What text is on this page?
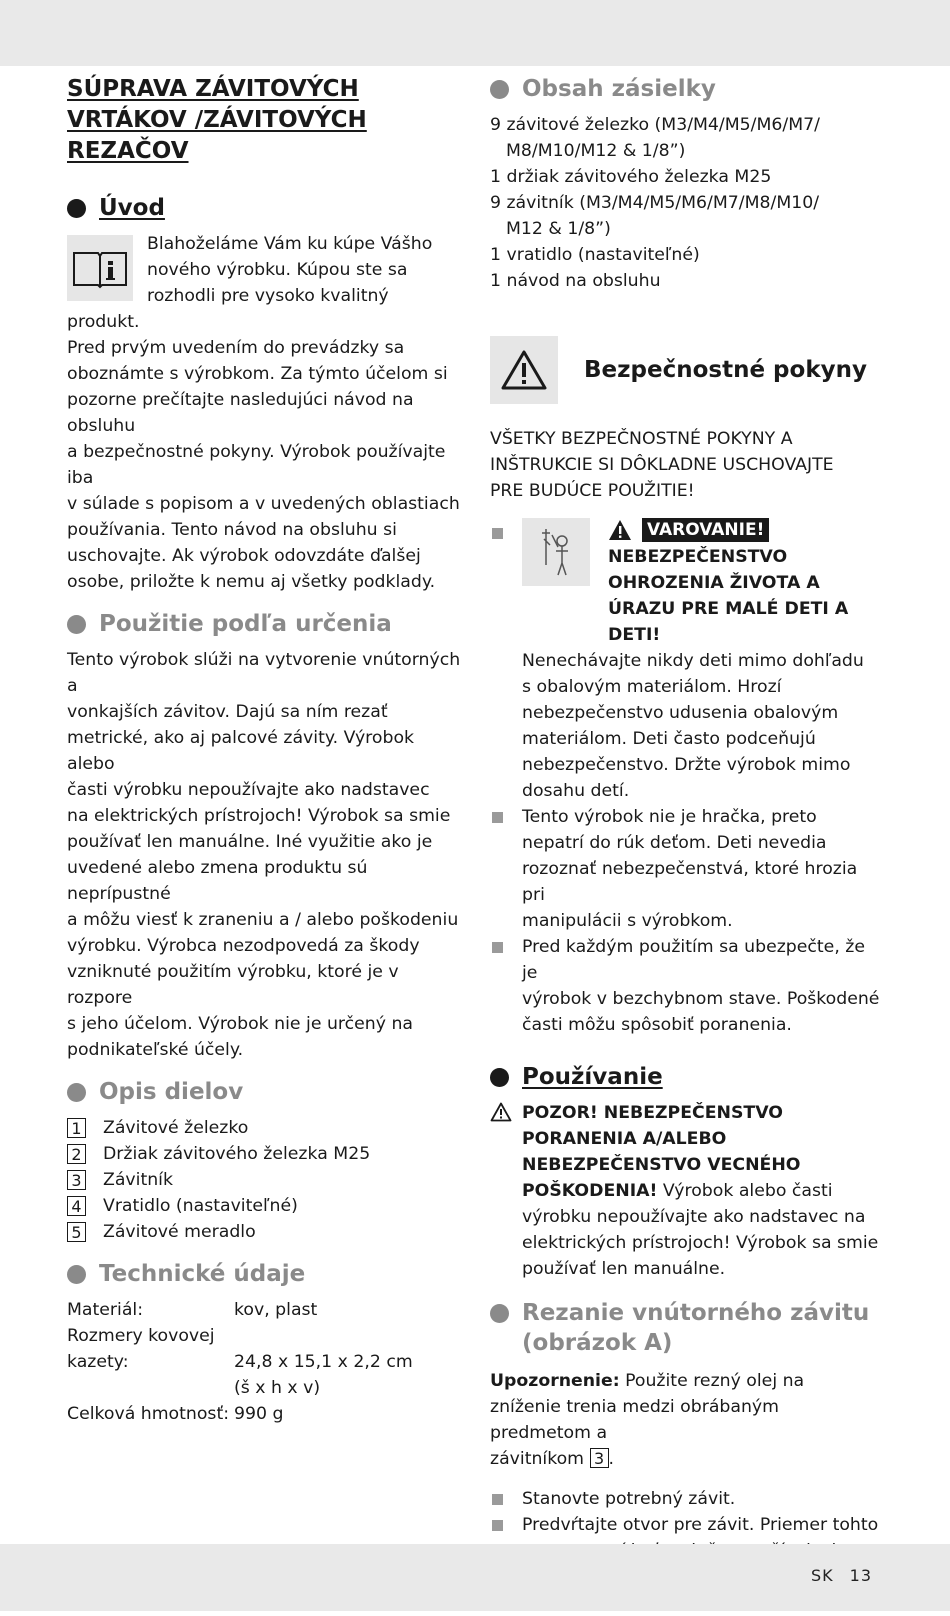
SÚPRAVA ZÁVITOVÝCH
VRTÁKOV /ZÁVITOVÝCH
REZAČOV
Úvod
Blahoželáme Vám ku kúpe Vášho
nového výrobku. Kúpou ste sa
rozhodli pre vysoko kvalitný produkt.
Pred prvým uvedením do prevádzky sa
oboznámte s výrobkom. Za týmto účelom si
pozorne prečítajte nasledujúci návod na obsluhu
a bezpečnostné pokyny. Výrobok používajte iba
v súlade s popisom a v uvedených oblastiach
používania. Tento návod na obsluhu si
uschovajte. Ak výrobok odovzdáte ďalšej
osobe, priložte k nemu aj všetky podklady.
Použitie podľa určenia
Tento výrobok slúži na vytvorenie vnútorných a
vonkajších závitov. Dajú sa ním rezať
metrické, ako aj palcové závity. Výrobok alebo
časti výrobku nepoužívajte ako nadstavec
na elektrických prístrojoch! Výrobok sa smie
používať len manuálne. Iné využitie ako je
uvedené alebo zmena produktu sú neprípustné
a môžu viesť k zraneniu a / alebo poškodeniu
výrobku. Výrobca nezodpovedá za škody
vzniknuté použitím výrobku, ktoré je v rozpore
s jeho účelom. Výrobok nie je určený na
podnikateľské účely.
Opis dielov
1 Závitové železko
2 Držiak závitového železka M25
3 Závitník
4 Vratidlo (nastaviteľné)
5 Závitové meradlo
Technické údaje
Materiál:	kov, plast
Rozmery kovovej	
kazety:	24,8 x 15,1 x 2,2 cm
	(š x h x v)
Celková hmotnosť:	990 g
Obsah zásielky
9 závitové železko (M3/M4/M5/M6/M7/
M8/M10/M12 & 1/8”)
1 držiak závitového železka M25
9 závitník (M3/M4/M5/M6/M7/M8/M10/
M12 & 1/8”)
1 vratidlo (nastaviteľné)
1 návod na obsluhu
Bezpečnostné pokyny
VŠETKY BEZPEČNOSTNÉ POKYNY A
INŠTRUKCIE SI DÔKLADNE USCHOVAJTE
PRE BUDÚCE POUŽITIE!
VAROVANIE!
NEBEZPEČENSTVO
OHROZENIA ŽIVOTA A
ÚRAZU PRE MALÉ DETI A
DETI!
Nenechávajte nikdy deti mimo dohľadu
s obalovým materiálom. Hrozí
nebezpečenstvo udusenia obalovým
materiálom. Deti často podceňujú
nebezpečenstvo. Držte výrobok mimo
dosahu detí.
Tento výrobok nie je hračka, preto
nepatrí do rúk deťom. Deti nevedia
rozoznať nebezpečenstvá, ktoré hrozia pri
manipulácii s výrobkom.
Pred každým použitím sa ubezpečte, že je
výrobok v bezchybnom stave. Poškodené
časti môžu spôsobiť poranenia.
Používanie
POZOR! NEBEZPEČENSTVO
PORANENIA A/ALEBO
NEBEZPEČENSTVO VECNÉHO
POŠKODENIA! Výrobok alebo časti
výrobku nepoužívajte ako nadstavec na
elektrických prístrojoch! Výrobok sa smie
používať len manuálne.
Rezanie vnútorného závitu
(obrázok A)
Upozornenie: Použite rezný olej na
zníženie trenia medzi obrábaným predmetom a
závitníkom 3 .
Stanovte potrebný závit.
Predvŕtajte otvor pre závit. Priemer tohto
SK 13
